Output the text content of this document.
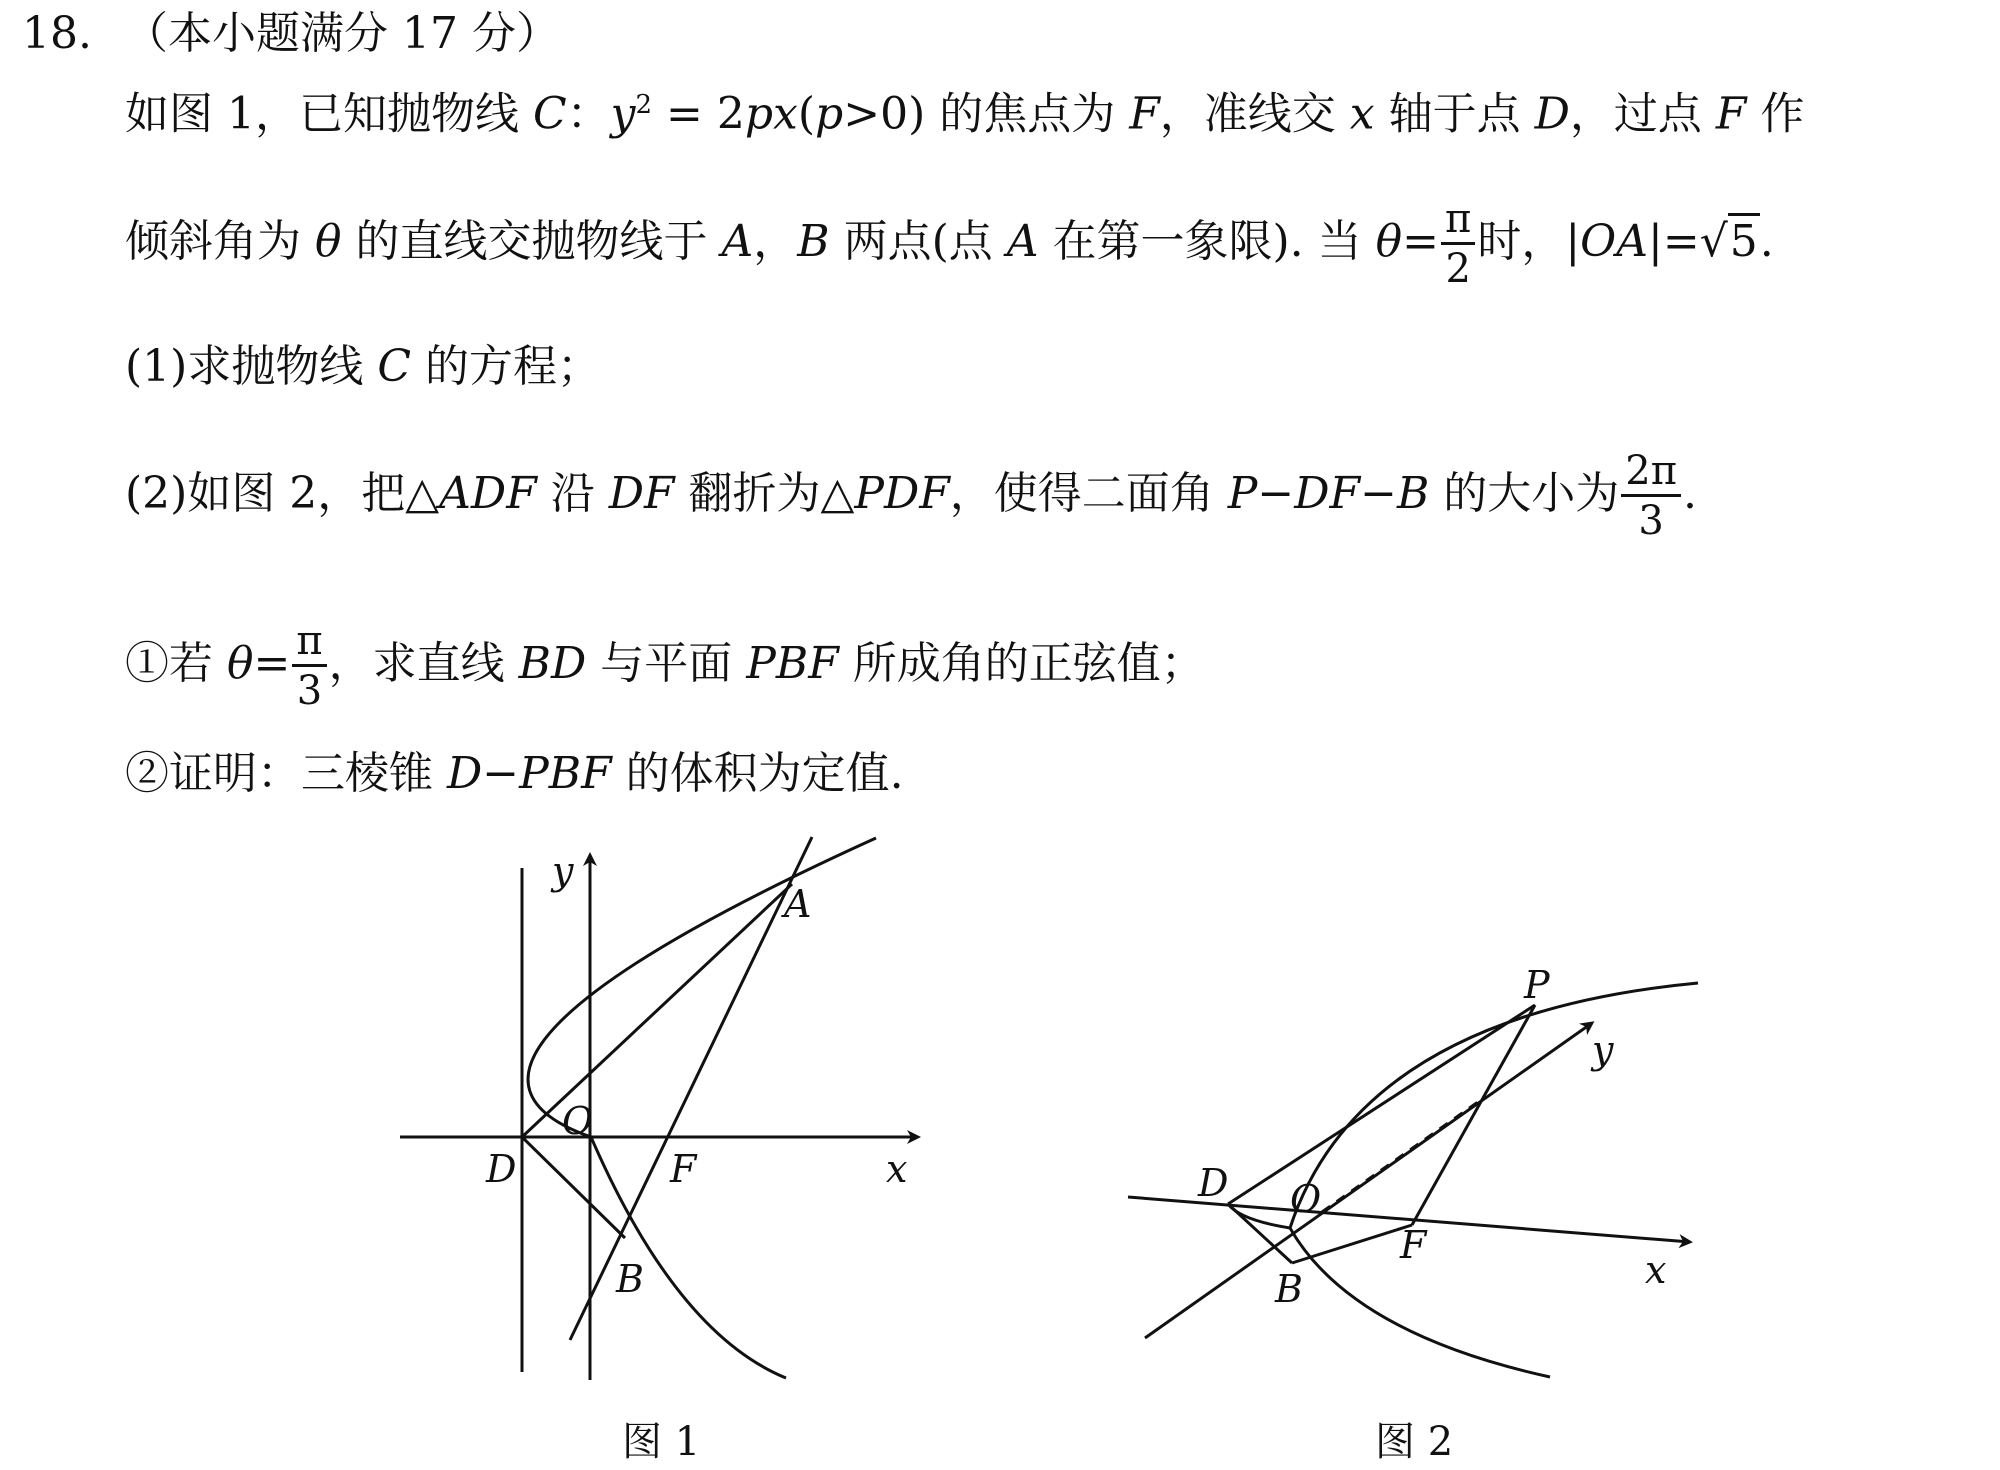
18. （本小题满分 17 分）
如图 1，已知抛物线 C：$y^2 = 2px(p>0)$ 的焦点为 F，准线交 x 轴于点 D，过点 F 作
倾斜角为 θ 的直线交抛物线于 A，B 两点(点 A 在第一象限). 当 $\theta= \frac{\pi}{2}$ 时，|OA|=√5.
(1)求抛物线 C 的方程；
(2)如图 2，把△ADF 沿 DF 翻折为△PDF，使得二面角 P−DF−B 的大小为 $\frac{2\pi}{3}$ .
①若 $\theta= \frac{\pi}{3}$ ，求直线 BD 与平面 PBF 所成角的正弦值；
②证明：三棱锥 D−PBF 的体积为定值.
y
A
O
D	F	x
B
P
y
D O
F
B	x
图 1	图 2
